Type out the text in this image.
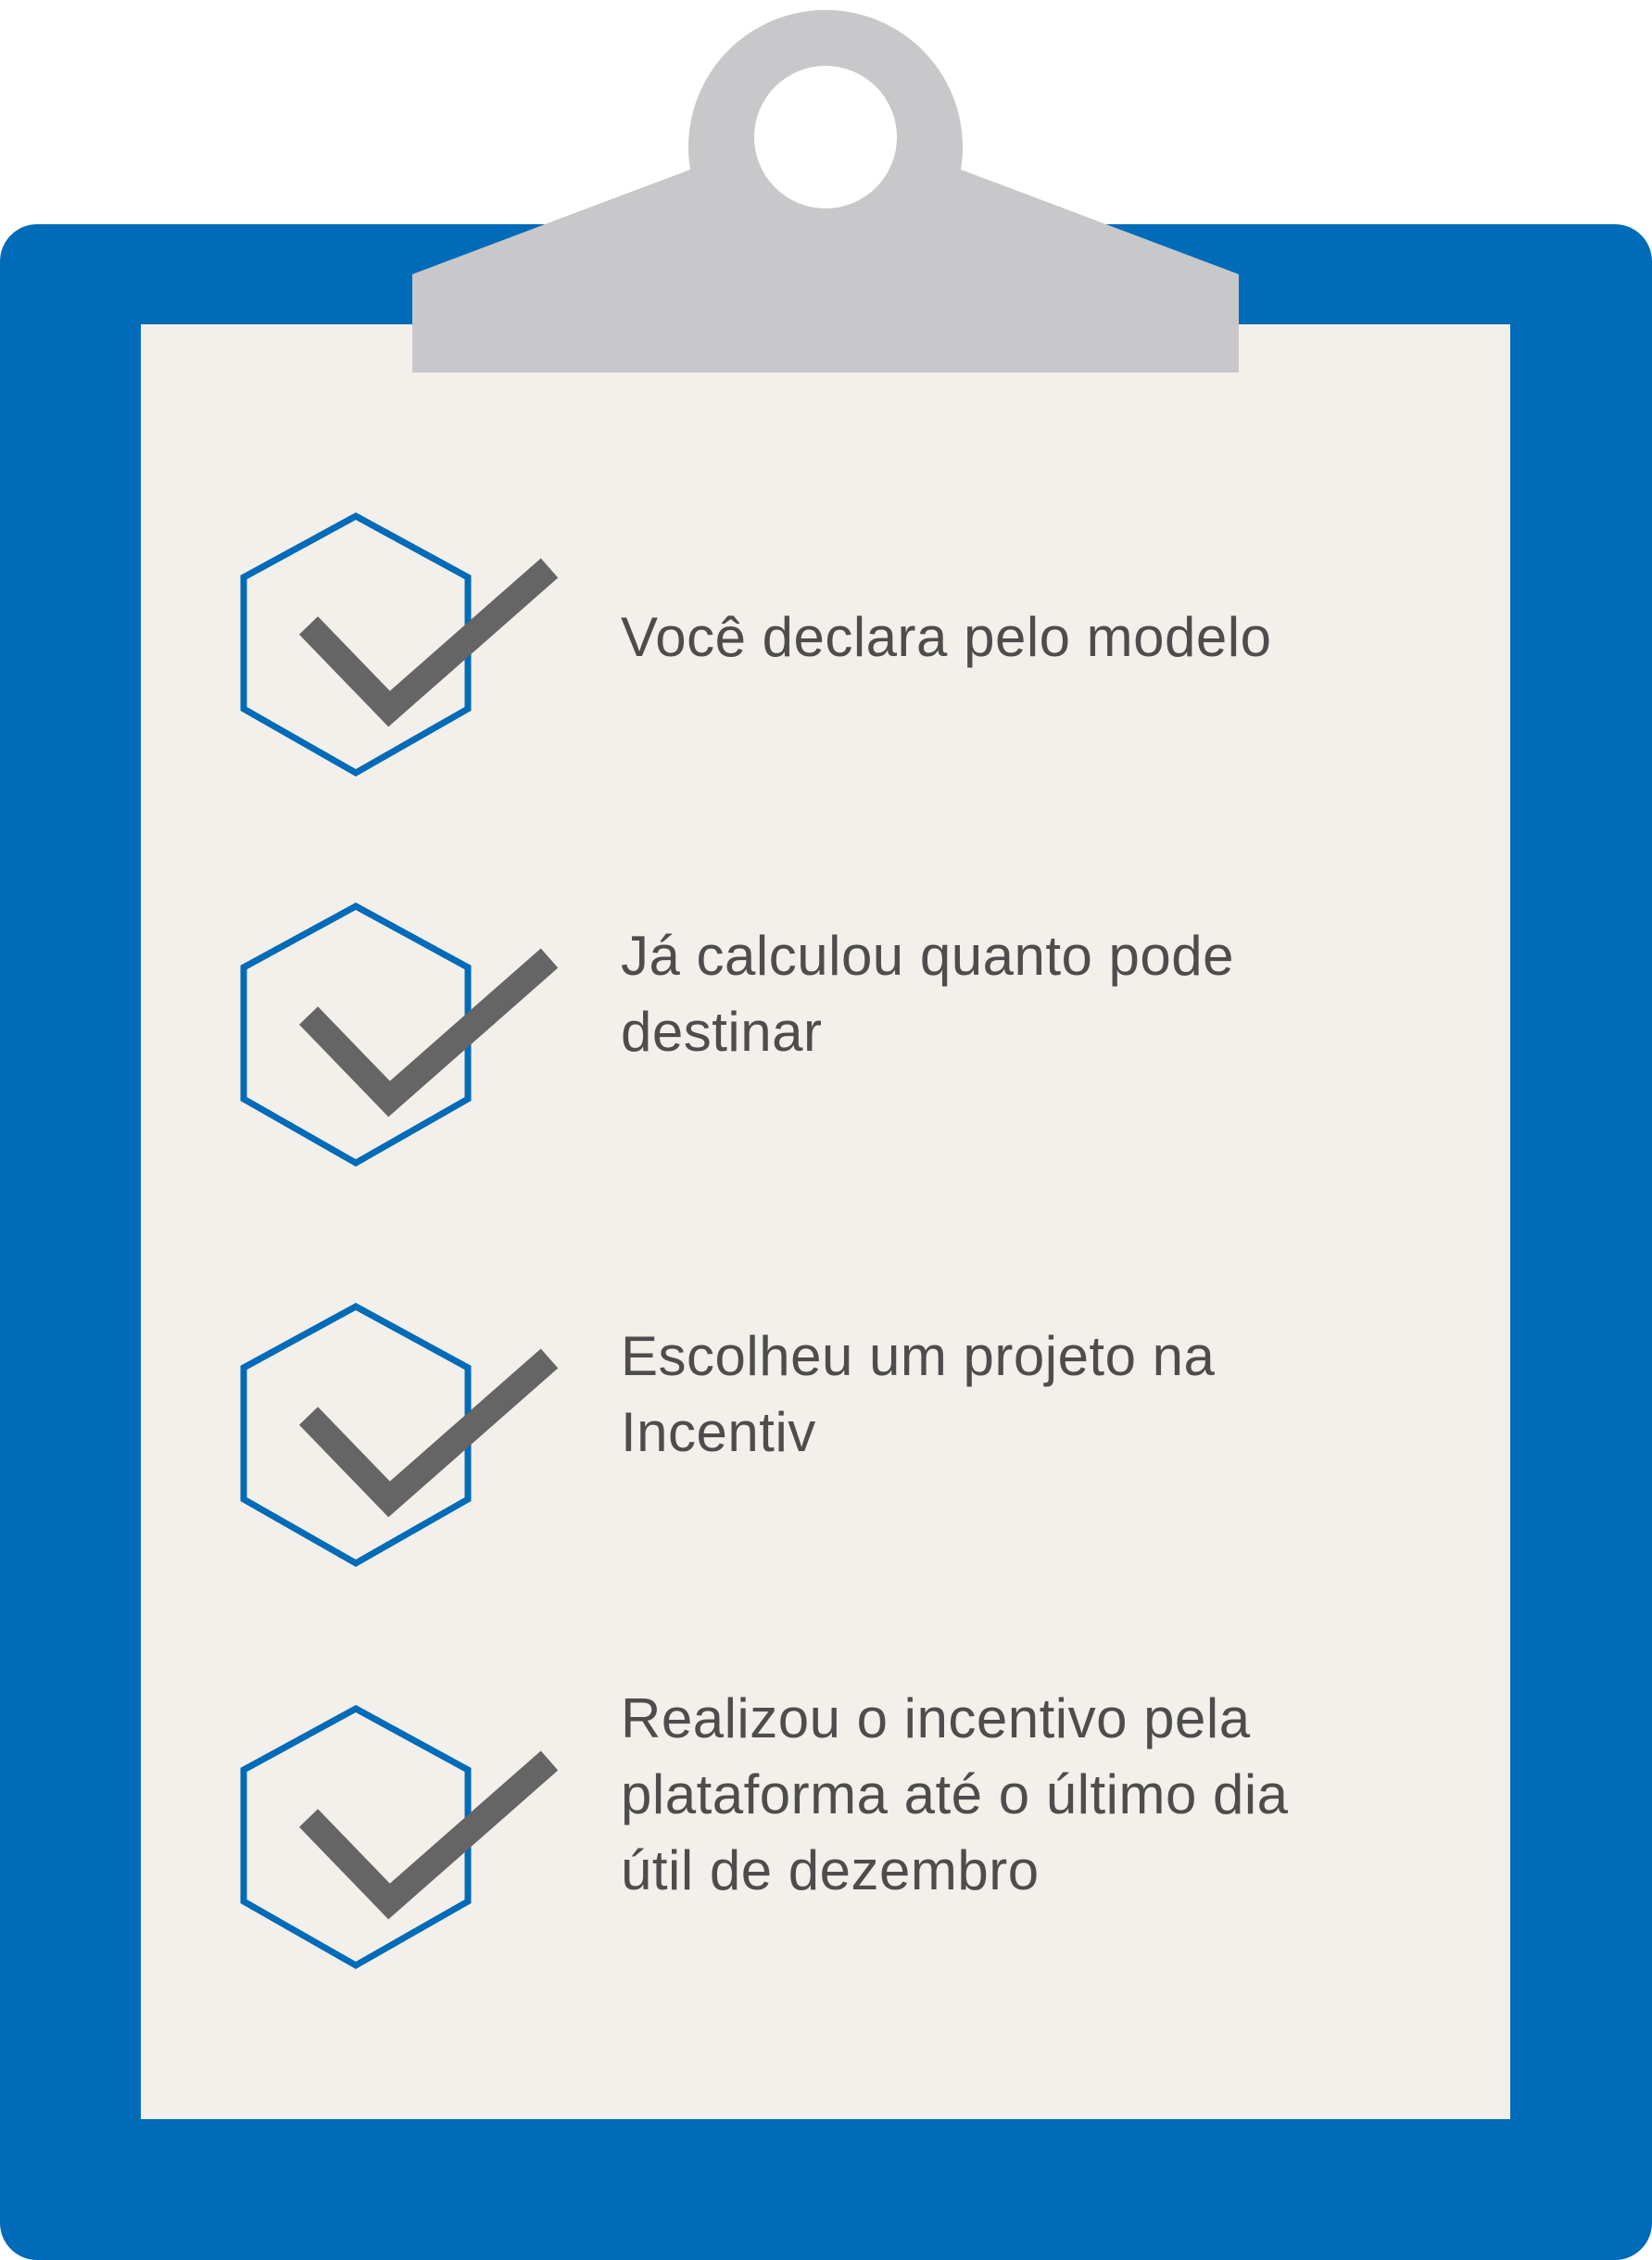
Você declara pelo modelo

Já calculou quanto pode
destinar

Escolheu um projeto na
Incentiv

Realizou o incentivo pela
plataforma até o último dia
útil de dezembro
